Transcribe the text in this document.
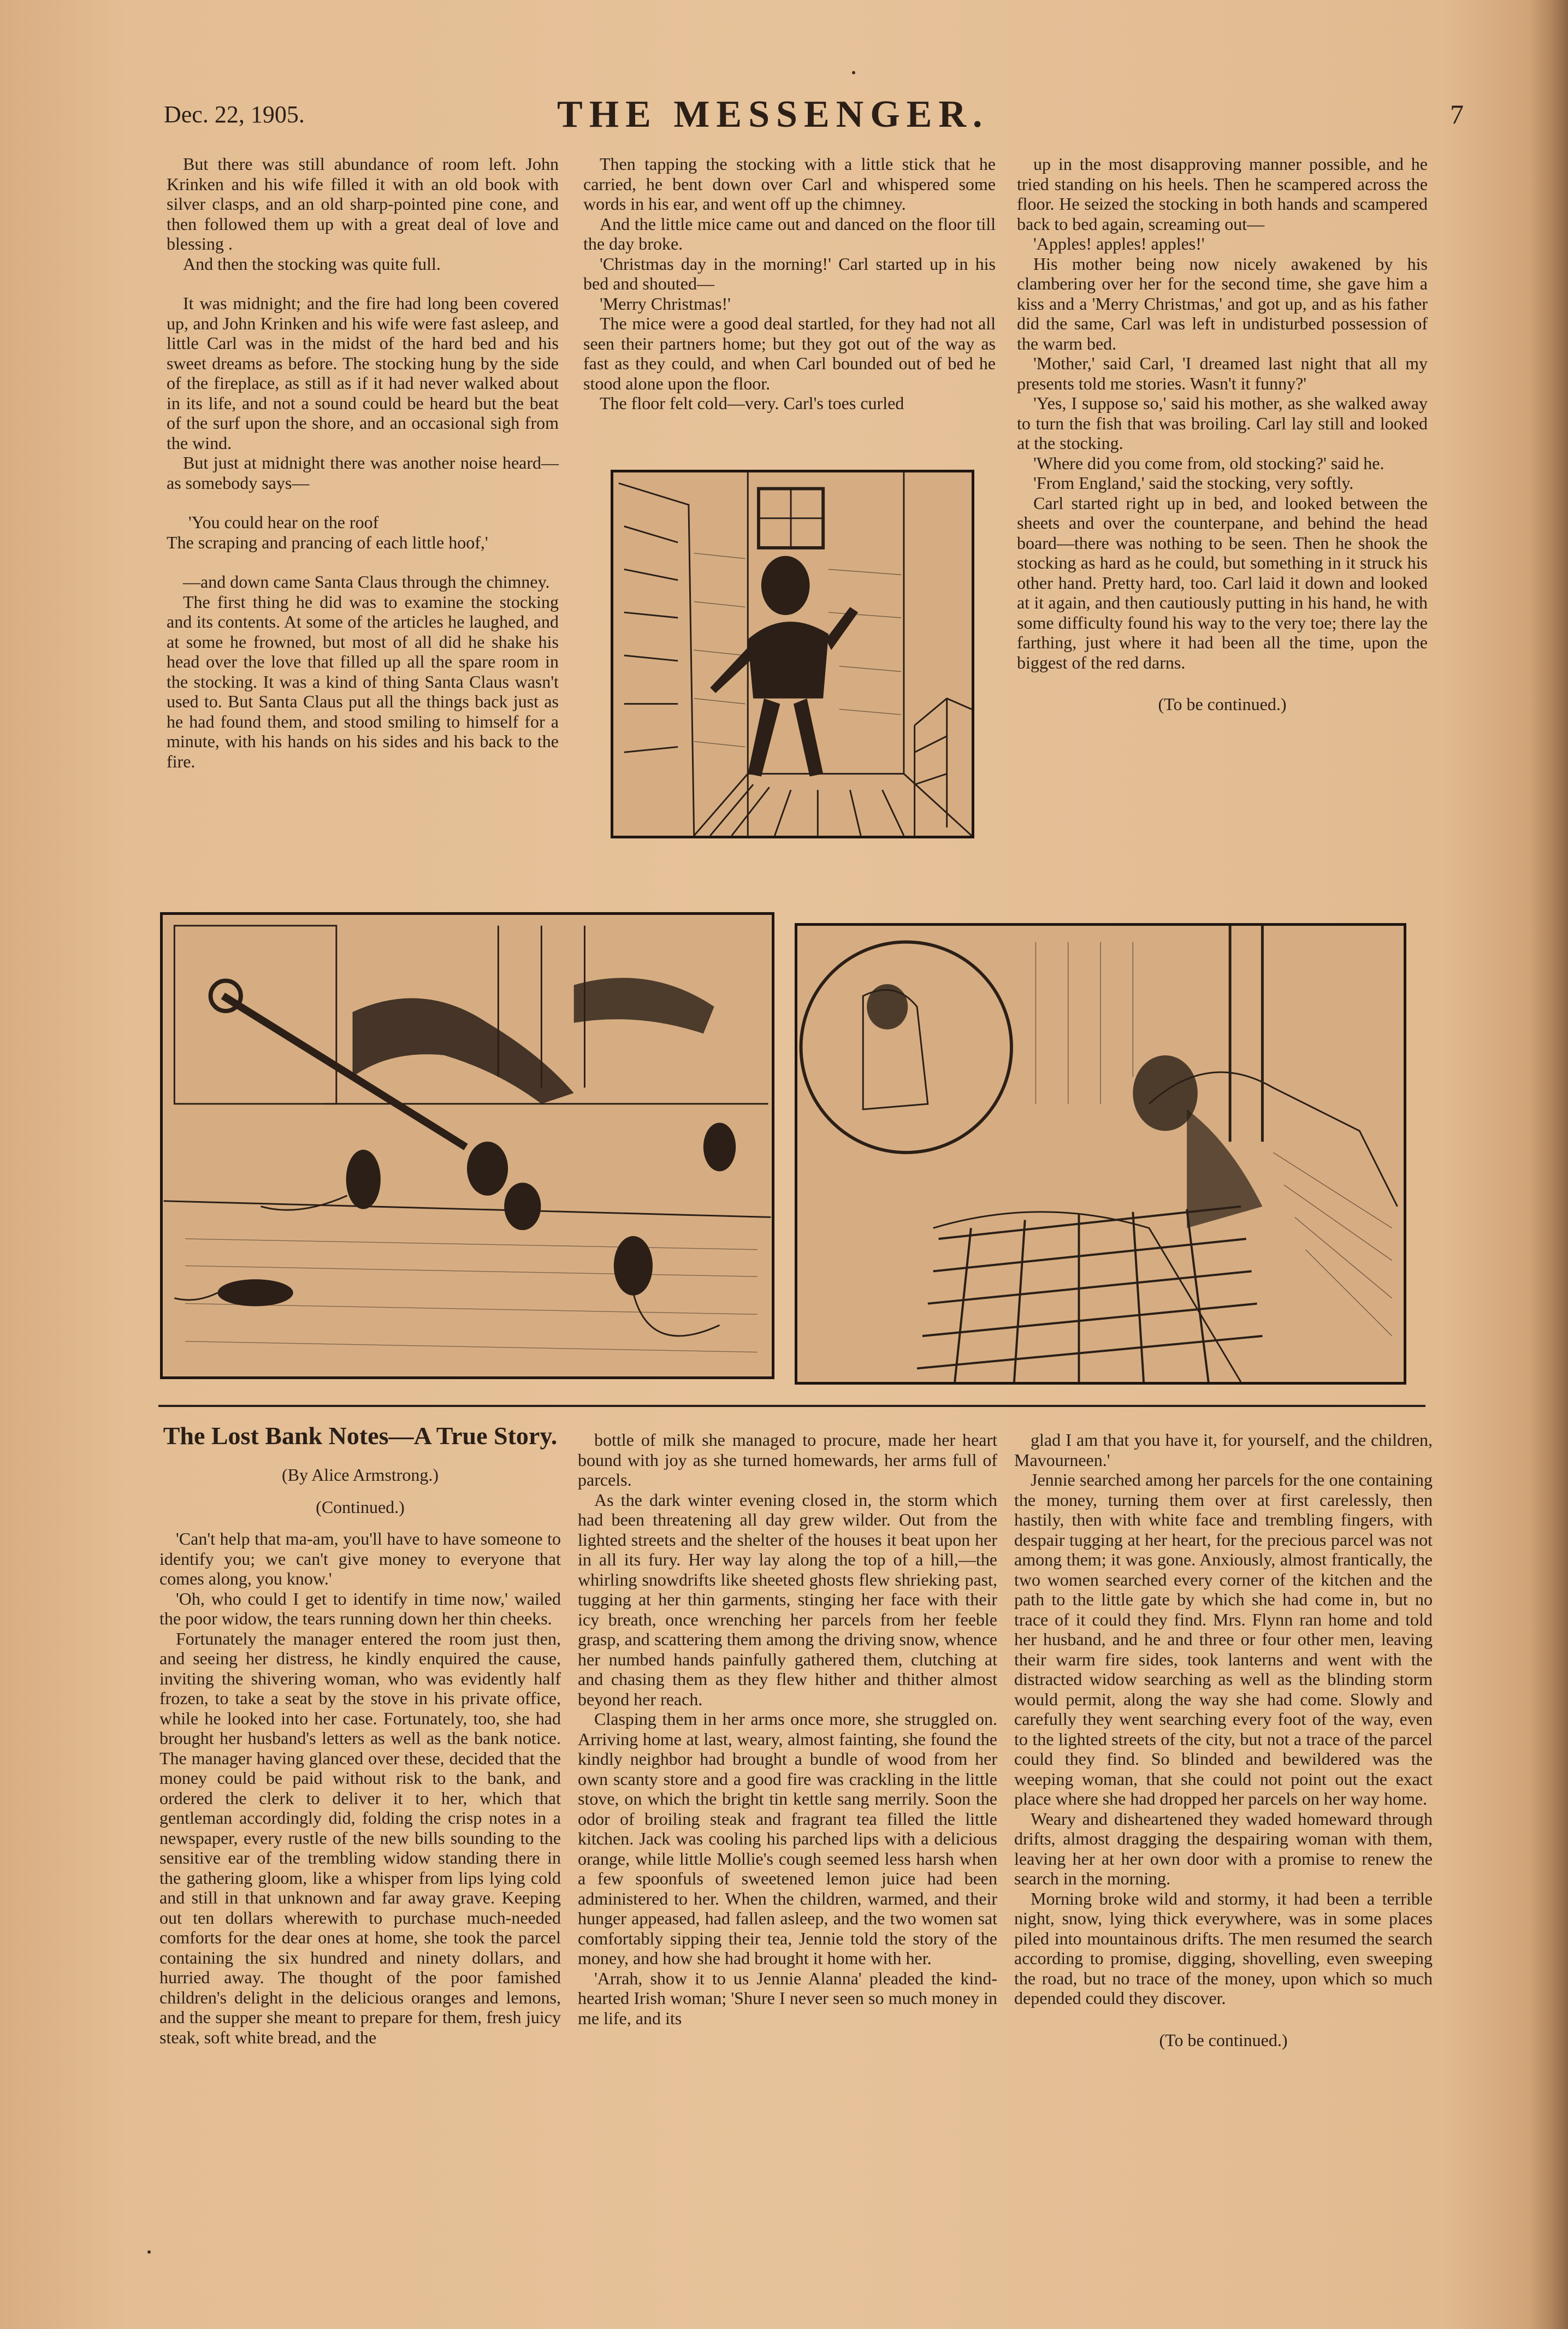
Dec. 22, 1905.	THE MESSENGER.	7

But there was still abundance of room left. John Krinken and his wife filled it with an old book with silver clasps, and an old sharp-pointed pine cone, and then followed them up with a great deal of love and blessing .

And then the stocking was quite full.

It was midnight; and the fire had long been covered up, and John Krinken and his wife were fast asleep, and little Carl was in the midst of the hard bed and his sweet dreams as before. The stocking hung by the side of the fireplace, as still as if it had never walked about in its life, and not a sound could be heard but the beat of the surf upon the shore, and an occasional sigh from the wind.

But just at midnight there was another noise heard—as somebody says—

'You could hear on the roof

The scraping and prancing of each little hoof,'

—and down came Santa Claus through the chimney.

The first thing he did was to examine the stocking and its contents. At some of the articles he laughed, and at some he frowned, but most of all did he shake his head over the love that filled up all the spare room in the stocking. It was a kind of thing Santa Claus wasn't used to. But Santa Claus put all the things back just as he had found them, and stood smiling to himself for a minute, with his hands on his sides and his back to the fire.

Then tapping the stocking with a little stick that he carried, he bent down over Carl and whispered some words in his ear, and went off up the chimney.

And the little mice came out and danced on the floor till the day broke.

'Christmas day in the morning!' Carl started up in his bed and shouted—

'Merry Christmas!'

The mice were a good deal startled, for they had not all seen their partners home; but they got out of the way as fast as they could, and when Carl bounded out of bed he stood alone upon the floor.

The floor felt cold—very. Carl's toes curled

up in the most disapproving manner possible, and he tried standing on his heels. Then he scampered across the floor. He seized the stocking in both hands and scampered back to bed again, screaming out—

'Apples! apples! apples!'

His mother being now nicely awakened by his clambering over her for the second time, she gave him a kiss and a 'Merry Christmas,' and got up, and as his father did the same, Carl was left in undisturbed possession of the warm bed.

'Mother,' said Carl, 'I dreamed last night that all my presents told me stories. Wasn't it funny?'

'Yes, I suppose so,' said his mother, as she walked away to turn the fish that was broiling. Carl lay still and looked at the stocking.

'Where did you come from, old stocking?' said he.

'From England,' said the stocking, very softly.

Carl started right up in bed, and looked between the sheets and over the counterpane, and behind the head board—there was nothing to be seen. Then he shook the stocking as hard as he could, but something in it struck his other hand. Pretty hard, too. Carl laid it down and looked at it again, and then cautiously putting in his hand, he with some difficulty found his way to the very toe; there lay the farthing, just where it had been all the time, upon the biggest of the red darns.

(To be continued.)

The Lost Bank Notes—A True Story.

(By Alice Armstrong.)

(Continued.)

'Can't help that ma-am, you'll have to have someone to identify you; we can't give money to everyone that comes along, you know.'

'Oh, who could I get to identify in time now,' wailed the poor widow, the tears running down her thin cheeks.

Fortunately the manager entered the room just then, and seeing her distress, he kindly enquired the cause, inviting the shivering woman, who was evidently half frozen, to take a seat by the stove in his private office, while he looked into her case. Fortunately, too, she had brought her husband's letters as well as the bank notice. The manager having glanced over these, decided that the money could be paid without risk to the bank, and ordered the clerk to deliver it to her, which that gentleman accordingly did, folding the crisp notes in a newspaper, every rustle of the new bills sounding to the sensitive ear of the trembling widow standing there in the gathering gloom, like a whisper from lips lying cold and still in that unknown and far away grave. Keeping out ten dollars wherewith to purchase much-needed comforts for the dear ones at home, she took the parcel containing the six hundred and ninety dollars, and hurried away. The thought of the poor famished children's delight in the delicious oranges and lemons, and the supper she meant to prepare for them, fresh juicy steak, soft white bread, and the

bottle of milk she managed to procure, made her heart bound with joy as she turned homewards, her arms full of parcels.

As the dark winter evening closed in, the storm which had been threatening all day grew wilder. Out from the lighted streets and the shelter of the houses it beat upon her in all its fury. Her way lay along the top of a hill,—the whirling snowdrifts like sheeted ghosts flew shrieking past, tugging at her thin garments, stinging her face with their icy breath, once wrenching her parcels from her feeble grasp, and scattering them among the driving snow, whence her numbed hands painfully gathered them, clutching at and chasing them as they flew hither and thither almost beyond her reach.

Clasping them in her arms once more, she struggled on. Arriving home at last, weary, almost fainting, she found the kindly neighbor had brought a bundle of wood from her own scanty store and a good fire was crackling in the little stove, on which the bright tin kettle sang merrily. Soon the odor of broiling steak and fragrant tea filled the little kitchen. Jack was cooling his parched lips with a delicious orange, while little Mollie's cough seemed less harsh when a few spoonfuls of sweetened lemon juice had been administered to her. When the children, warmed, and their hunger appeased, had fallen asleep, and the two women sat comfortably sipping their tea, Jennie told the story of the money, and how she had brought it home with her.

'Arrah, show it to us Jennie Alanna' pleaded the kind-hearted Irish woman; 'Shure I never seen so much money in me life, and its

glad I am that you have it, for yourself, and the children, Mavourneen.'

Jennie searched among her parcels for the one containing the money, turning them over at first carelessly, then hastily, then with white face and trembling fingers, with despair tugging at her heart, for the precious parcel was not among them; it was gone. Anxiously, almost frantically, the two women searched every corner of the kitchen and the path to the little gate by which she had come in, but no trace of it could they find. Mrs. Flynn ran home and told her husband, and he and three or four other men, leaving their warm fire sides, took lanterns and went with the distracted widow searching as well as the blinding storm would permit, along the way she had come. Slowly and carefully they went searching every foot of the way, even to the lighted streets of the city, but not a trace of the parcel could they find. So blinded and bewildered was the weeping woman, that she could not point out the exact place where she had dropped her parcels on her way home.

Weary and disheartened they waded homeward through drifts, almost dragging the despairing woman with them, leaving her at her own door with a promise to renew the search in the morning.

Morning broke wild and stormy, it had been a terrible night, snow, lying thick everywhere, was in some places piled into mountainous drifts. The men resumed the search according to promise, digging, shovelling, even sweeping the road, but no trace of the money, upon which so much depended could they discover.

(To be continued.)
